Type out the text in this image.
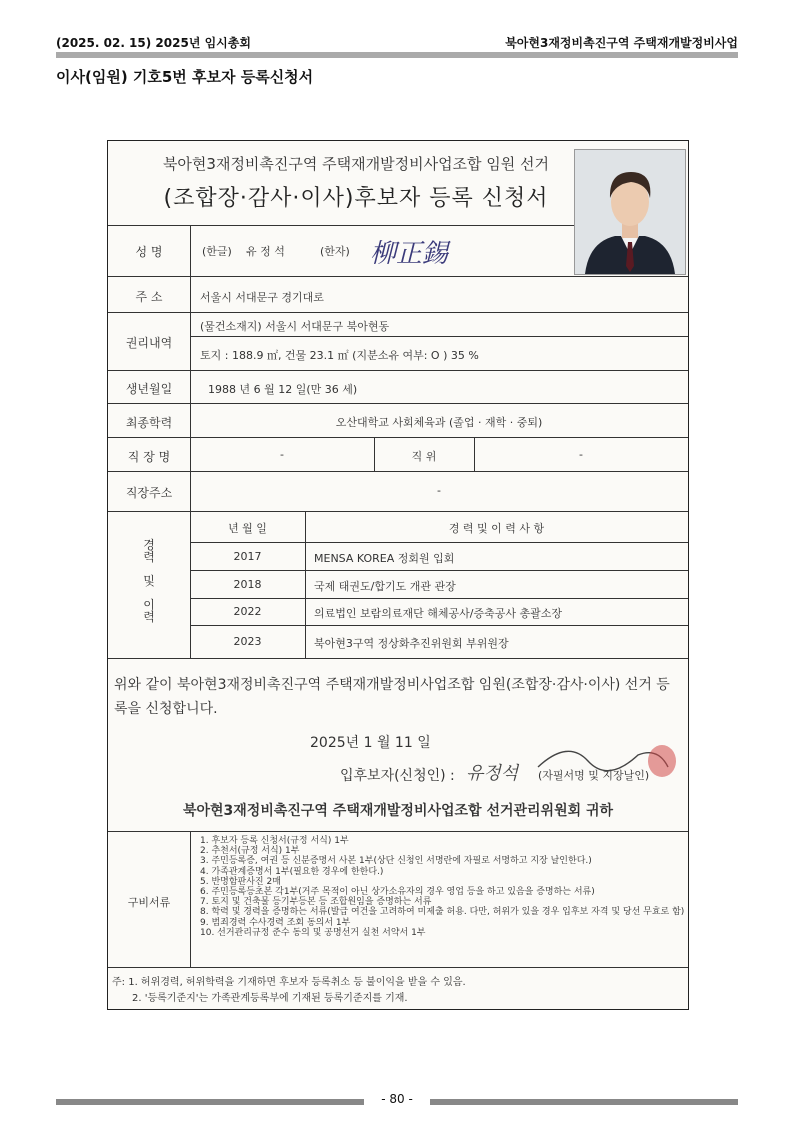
(2025. 02. 15) 2025년 임시총회	북아현3재정비촉진구역 주택재개발정비사업
이사(임원) 기호5번 후보자 등록신청서
북아현3재정비촉진구역 주택재개발정비사업조합 임원 선거
(조합장·감사·이사)후보자 등록 신청서
성 명	(한글) 유 정 석	(한자) 柳正錫
주 소	서울시 서대문구 경기대로
권리내역
(물건소재지) 서울시 서대문구 북아현동
토지 : 188.9 ㎡, 건물 23.1 ㎡ (지분소유 여부: O ) 35 %
생년월일	1988 년 6 월 12 일(만 36 세)
최종학력	오산대학교 사회체육과 (졸업 · 재학 · 중퇴)
직 장 명	-	직 위	-
직장주소	-
경
력

및

이
력
년 월 일	경 력 및 이 력 사 항
2017	MENSA KOREA 정회원 입회
2018	국제 태권도/합기도 개관 관장
2022	의료법인 보람의료재단 해체공사/증축공사 총괄소장
2023	북아현3구역 정상화추진위원회 부위원장
위와 같이 북아현3재정비촉진구역 주택재개발정비사업조합 임원(조합장·감사·이사) 선거 등록을 신청합니다.
2025년 1 월 11 일
입후보자(신청인) : 유정석 (자필서명 및 지장날인)
북아현3재정비촉진구역 주택재개발정비사업조합 선거관리위원회 귀하
구비서류
1. 후보자 등록 신청서(규정 서식) 1부
2. 추천서(규정 서식) 1부
3. 주민등록증, 여권 등 신분증명서 사본 1부(상단 신청인 서명란에 자필로 서명하고 지장 날인한다.)
4. 가족관계증명서 1부(필요한 경우에 한한다.)
5. 반명함판사진 2매
6. 주민등록등초본 각1부(거주 목적이 아닌 상가소유자의 경우 영업 등을 하고 있음을 증명하는 서류)
7. 토지 및 건축물 등기부등본 등 조합원임을 증명하는 서류
8. 학력 및 경력을 증명하는 서류(발급 여건을 고려하여 미제출 허용. 다만, 허위가 있을 경우 입후보 자격 및 당선 무효로 함)
9. 범죄경력 수사경력 조회 동의서 1부
10. 선거관리규정 준수 동의 및 공명선거 실천 서약서 1부
주: 1. 허위경력, 허위학력을 기재하면 후보자 등록취소 등 불이익을 받을 수 있음.
2. '등록기준지'는 가족관계등록부에 기재된 등록기준지를 기재.
- 80 -
